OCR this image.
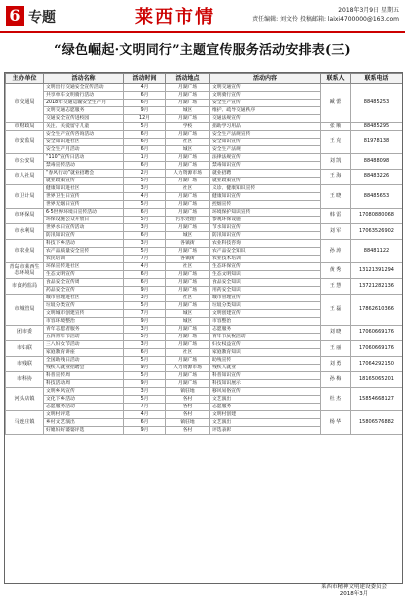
6 专题	莱西市情	2018年3月9日 星期五
责任编辑: 刘文伶 投稿邮箱: laixi4700000@163.com
“绿色崛起·文明同行”主题宣传服务活动安排表(三)
主办单位	活动名称	活动时间	活动地点	活动内容	联系人	联系电话
市交通局	文明出行交通安全宣传活动	4月	月湖广场	文明交通宣传	臧 蕾	88485253
	共享单车文明骑行活动	6月	月湖广场	文明骑行宣传		
	2018年交通运输安全生产月	6月	月湖广场	安全生产宣传		
	文明交通志愿服务	9月	城区	维护、疏导交通秩序		
	交通安全宣传进校园	12月	月湖广场	交通法规宣传		
市财政局	关注、关爱留守儿童	5月	学校	捐助学习用品	张 顺	88485295
市安监局	安全生产宣传咨询活动	6月	月湖广场	安全生产法规宣传	王 克	81978138
	安全知识进社区	6月	社区	安全知识宣传		
	安全生产月活动	6月	城区	安全生产法规		
市公安局	“110”宣传日活动	1月	月湖广场	法律法规宣传	刘 凯	88488098
	禁毒宣传活动	6月	月湖广场	禁毒知识宣传		
市人社局	“春风行动”就业招聘会	2月	人力资源市场	就业招聘	王 海	88483226
	就业政策宣传	5月	月湖广场	就业政策宣传		
市卫计局	健康知识进社区	3月	社区	义诊、健康知识宣传	王 晓	88485653
	世界卫生日宣传	4月	月湖广场	健康知识宣传		
	世界无烟日宣传	5月	月湖广场	控烟宣传		
市环保局	6·5世界环境日宣传活动	6月	月湖广场	环境保护知识宣传	韩 雷	17080880068
	环保设施公众开放日	5月	污水处理厂	参观环保设施		
市水利局	世界水日宣传活动	3月	月湖广场	节水知识宣传	刘 军	17063526902
	防汛知识宣传	6月	城区	防汛知识宣传		
市农业局	科技下乡活动	3月	各镇街	农业科技咨询	孙 涛	88481122
	农产品质量安全宣传	5月	月湖广场	农产品安全知识		
	农民培训	7月	各镇街	农业技术培训		
青岛市莱西生态环境局	环保宣传进社区	4月	社区	生态环保宣传	黄 秀	13121391294
	生态文明宣传	6月	月湖广场	生态文明知识		
市食药监局	食品安全宣传周	6月	月湖广场	食品安全知识	王 慧	13721282136
	药品安全宣传	9月	月湖广场	用药安全知识		
市城管局	城市管理进社区	3月	社区	城市管理宣传	王 磊	17862610366
	垃圾分类宣传	5月	月湖广场	垃圾分类知识		
	文明城市创建宣传	7月	城区	文明创建宣传		
	市容环境整治	9月	城区	市容整治		
团市委	青年志愿者服务	3月	月湖广场	志愿服务	刘 晓	17060669176
	五四青年节活动	5月	月湖广场	青年节庆祝活动		
市妇联	三八妇女节活动	3月	月湖广场	妇女权益宣传	王 丽	17060669176
	家庭教育讲座	6月	社区	家庭教育知识		
市残联	全国助残日活动	5月	月湖广场	助残宣传	刘 勇	17064292150
	残疾人就业招聘会	9月	人力资源市场	残疾人就业		
市科协	科普宣传周	5月	月湖广场	科普知识宣传	孙 梅	18165065201
	科技活动周	9月	月湖广场	科技知识展示		
河头店镇	文明乡风宣传	3月	镇驻地	移风易俗宣传	杜 杰	15854668127
	文化下乡活动	5月	各村	文艺演出		
	志愿服务活动	7月	各村	志愿服务		
马连庄镇	文明村评选	4月	各村	文明村创建	杨 华	15806576882
	乡村文艺演出	6月	镇驻地	文艺演出		
	好媳妇好婆婆评选	9月	各村	评选表彰		
莱西市精神文明建设委员会
2018年3月
